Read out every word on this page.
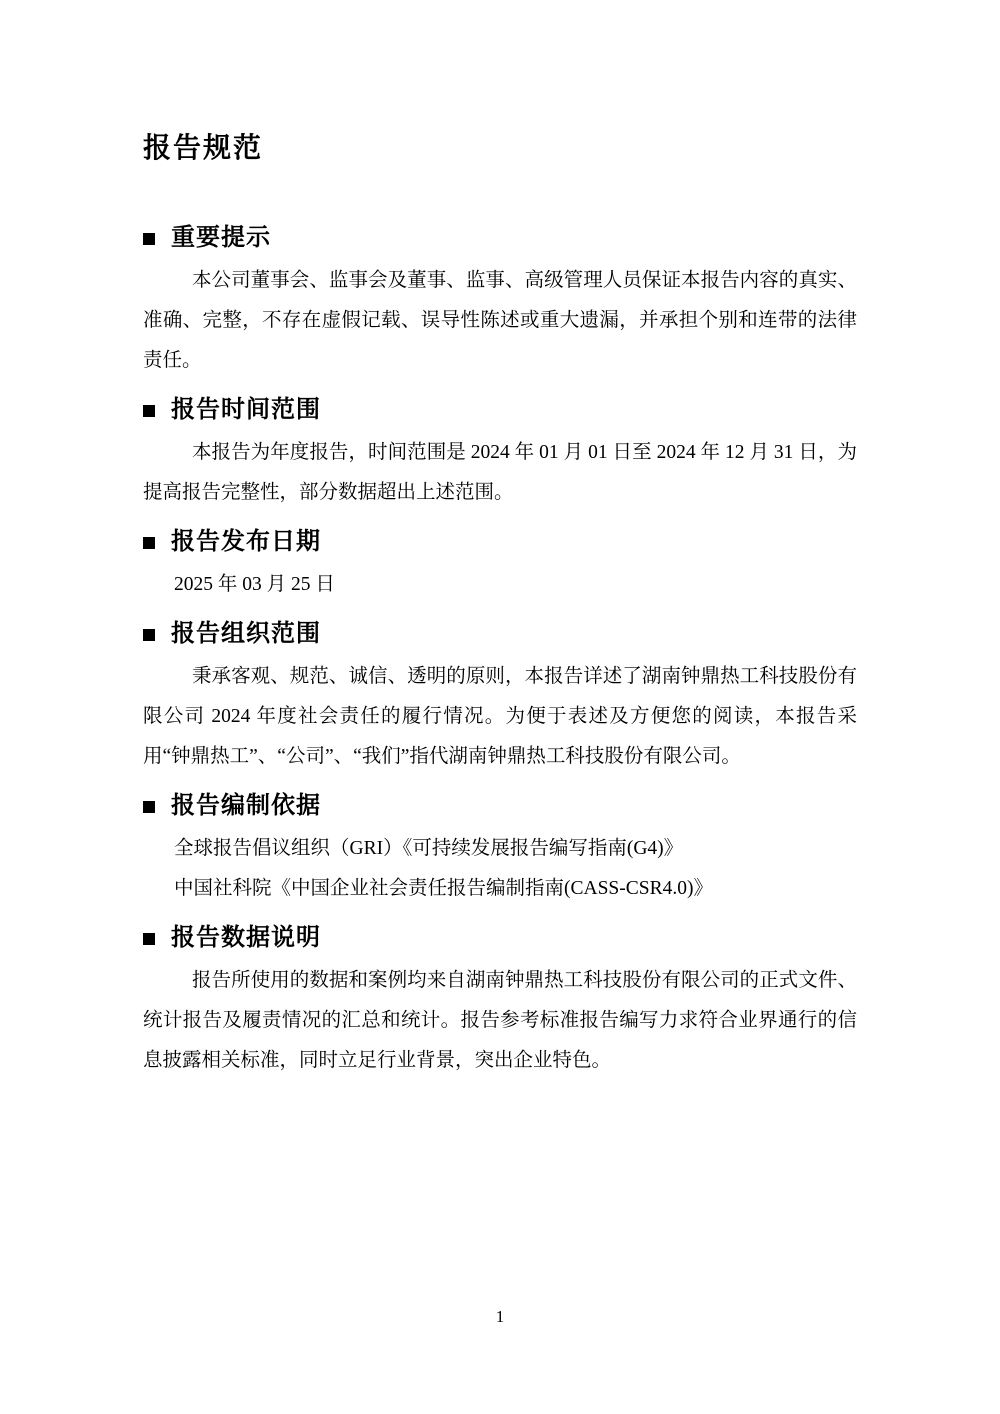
报告规范
重要提示

本公司董事会、监事会及董事、监事、高级管理人员保证本报告内容的真实、准确、完整，不存在虚假记载、误导性陈述或重大遗漏，并承担个别和连带的法律责任。

报告时间范围

本报告为年度报告，时间范围是 2024 年 01 月 01 日至 2024 年 12 月 31 日，为提高报告完整性，部分数据超出上述范围。

报告发布日期

2025 年 03 月 25 日

报告组织范围

秉承客观、规范、诚信、透明的原则，本报告详述了湖南钟鼎热工科技股份有限公司 2024 年度社会责任的履行情况。为便于表述及方便您的阅读，本报告采用“钟鼎热工”、“公司”、“我们”指代湖南钟鼎热工科技股份有限公司。

报告编制依据

全球报告倡议组织（GRI）《可持续发展报告编写指南(G4)》

中国社科院《中国企业社会责任报告编制指南(CASS-CSR4.0)》

报告数据说明

报告所使用的数据和案例均来自湖南钟鼎热工科技股份有限公司的正式文件、统计报告及履责情况的汇总和统计。报告参考标准报告编写力求符合业界通行的信息披露相关标准，同时立足行业背景，突出企业特色。

1
